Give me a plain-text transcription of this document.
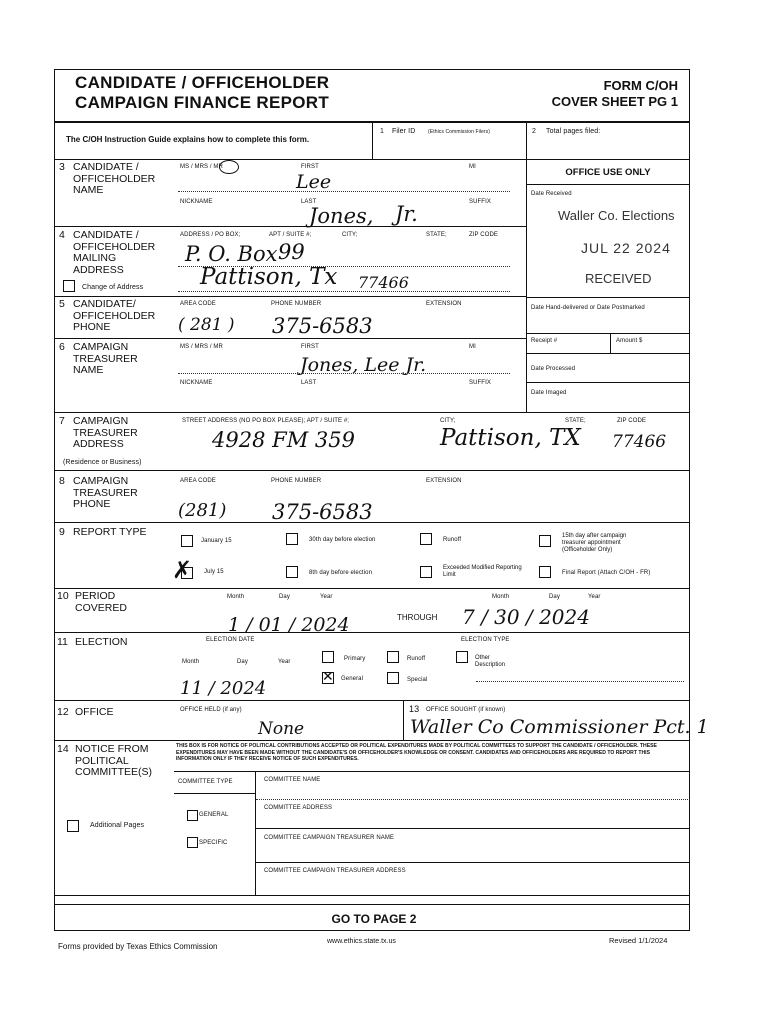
CANDIDATE / OFFICEHOLDER
CAMPAIGN FINANCE REPORT
FORM C/OH
COVER SHEET PG 1
The C/OH Instruction Guide explains how to complete this form.
1 Filer ID	(Ethics Commission Filers)	2 Total pages filed:
3 CANDIDATE / OFFICEHOLDER NAME
MS / MRS / MR	FIRST	MI
Lee
NICKNAME	LAST	SUFFIX
Jones, Jr.
OFFICE USE ONLY
Date Received
Waller Co. Elections
JUL 22 2024
RECEIVED
Date Hand-delivered or Date Postmarked
Receipt #	Amount $
Date Processed
Date Imaged
4 CANDIDATE / OFFICEHOLDER MAILING ADDRESS
Change of Address
ADDRESS / PO BOX;	APT / SUITE #;	CITY;	STATE;	ZIP CODE
P. O. Box 99
Pattison, Tx 77466
5 CANDIDATE/ OFFICEHOLDER PHONE
AREA CODE	PHONE NUMBER	EXTENSION
( 281 ) 375-6583
6 CAMPAIGN TREASURER NAME
MS / MRS / MR	FIRST	MI
Jones, Lee Jr.
NICKNAME	LAST	SUFFIX
7 CAMPAIGN TREASURER ADDRESS
(Residence or Business)
STREET ADDRESS (NO PO BOX PLEASE); APT / SUITE #;	CITY;	STATE;	ZIP CODE
4928 FM 359	Pattison, TX 77466
8 CAMPAIGN TREASURER PHONE
AREA CODE	PHONE NUMBER	EXTENSION
(281) 375-6583
9 REPORT TYPE
January 15	30th day before election	Runoff
15th day after campaign treasurer appointment (Officeholder Only)
✗ July 15	8th day before election
Exceeded Modified Reporting Limit	Final Report (Attach C/OH - FR)
10 PERIOD COVERED
Month	Day	Year
1 / 01 / 2024	THROUGH
Month	Day	Year
7 / 30 / 2024
11 ELECTION	ELECTION DATE	ELECTION TYPE
Month	Day	Year
11 / 2024
Primary	Runoff	Other Description
✕ General	Special
12 OFFICE	OFFICE HELD (if any)
None
13 OFFICE SOUGHT (if known)
Waller Co Commissioner Pct. 1
14 NOTICE FROM POLITICAL COMMITTEE(S)
THIS BOX IS FOR NOTICE OF POLITICAL CONTRIBUTIONS ACCEPTED OR POLITICAL EXPENDITURES MADE BY POLITICAL COMMITTEES TO SUPPORT THE CANDIDATE / OFFICEHOLDER. THESE EXPENDITURES MAY HAVE BEEN MADE WITHOUT THE CANDIDATE'S OR OFFICEHOLDER'S KNOWLEDGE OR CONSENT. CANDIDATES AND OFFICEHOLDERS ARE REQUIRED TO REPORT THIS INFORMATION ONLY IF THEY RECEIVE NOTICE OF SUCH EXPENDITURES.
COMMITTEE TYPE	COMMITTEE NAME
GENERAL
COMMITTEE ADDRESS
SPECIFIC
COMMITTEE CAMPAIGN TREASURER NAME
COMMITTEE CAMPAIGN TREASURER ADDRESS
Additional Pages
GO TO PAGE 2
Forms provided by Texas Ethics Commission
www.ethics.state.tx.us	Revised 1/1/2024
